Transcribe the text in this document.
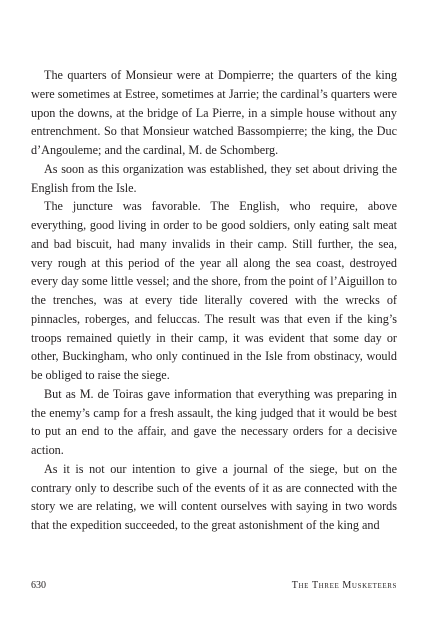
The quarters of Monsieur were at Dompierre; the quarters of the king were sometimes at Estree, sometimes at Jarrie; the cardinal’s quarters were upon the downs, at the bridge of La Pierre, in a simple house without any entrenchment. So that Monsieur watched Bassompierre; the king, the Duc d’Angouleme; and the cardinal, M. de Schomberg.

As soon as this organization was established, they set about driving the English from the Isle.

The juncture was favorable. The English, who require, above everything, good living in order to be good soldiers, only eating salt meat and bad biscuit, had many invalids in their camp. Still further, the sea, very rough at this period of the year all along the sea coast, destroyed every day some little vessel; and the shore, from the point of l’Aiguillon to the trenches, was at every tide literally covered with the wrecks of pinnacles, roberges, and feluccas. The result was that even if the king’s troops remained quietly in their camp, it was evident that some day or other, Buckingham, who only continued in the Isle from obstinacy, would be obliged to raise the siege.

But as M. de Toiras gave information that everything was preparing in the enemy’s camp for a fresh assault, the king judged that it would be best to put an end to the affair, and gave the necessary orders for a decisive action.

As it is not our intention to give a journal of the siege, but on the contrary only to describe such of the events of it as are connected with the story we are relating, we will content ourselves with saying in two words that the expedition succeeded, to the great astonishment of the king and

630	The Three Musketeers
